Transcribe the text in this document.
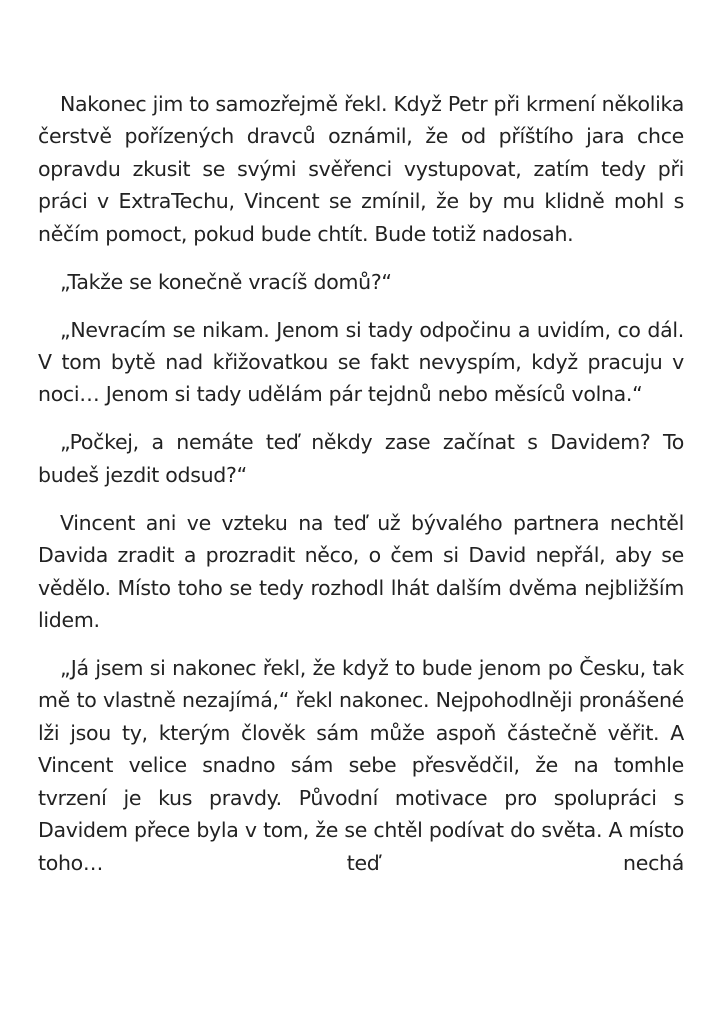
Nakonec jim to samozřejmě řekl. Když Petr při krmení několika čerstvě pořízených dravců oznámil, že od příštího jara chce opravdu zkusit se svými svěřenci vystupovat, zatím tedy při práci v ExtraTechu, Vincent se zmínil, že by mu klidně mohl s něčím pomoct, pokud bude chtít. Bude totiž nadosah.

„Takže se konečně vracíš domů?“

„Nevracím se nikam. Jenom si tady odpočinu a uvidím, co dál. V tom bytě nad křižovatkou se fakt nevyspím, když pracuju v noci… Jenom si tady udělám pár tejdnů nebo měsíců volna.“

„Počkej, a nemáte teď někdy zase začínat s Davidem? To budeš jezdit odsud?“

Vincent ani ve vzteku na teď už bývalého partnera nechtěl Davida zradit a prozradit něco, o čem si David nepřál, aby se vědělo. Místo toho se tedy rozhodl lhát dalším dvěma nejbližším lidem.

„Já jsem si nakonec řekl, že když to bude jenom po Česku, tak mě to vlastně nezajímá,“ řekl nakonec. Nejpohodlněji pronášené lži jsou ty, kterým člověk sám může aspoň částečně věřit. A Vincent velice snadno sám sebe přesvědčil, že na tomhle tvrzení je kus pravdy. Původní motivace pro spolupráci s Davidem přece byla v tom, že se chtěl podívat do světa. A místo toho… teď nechá
